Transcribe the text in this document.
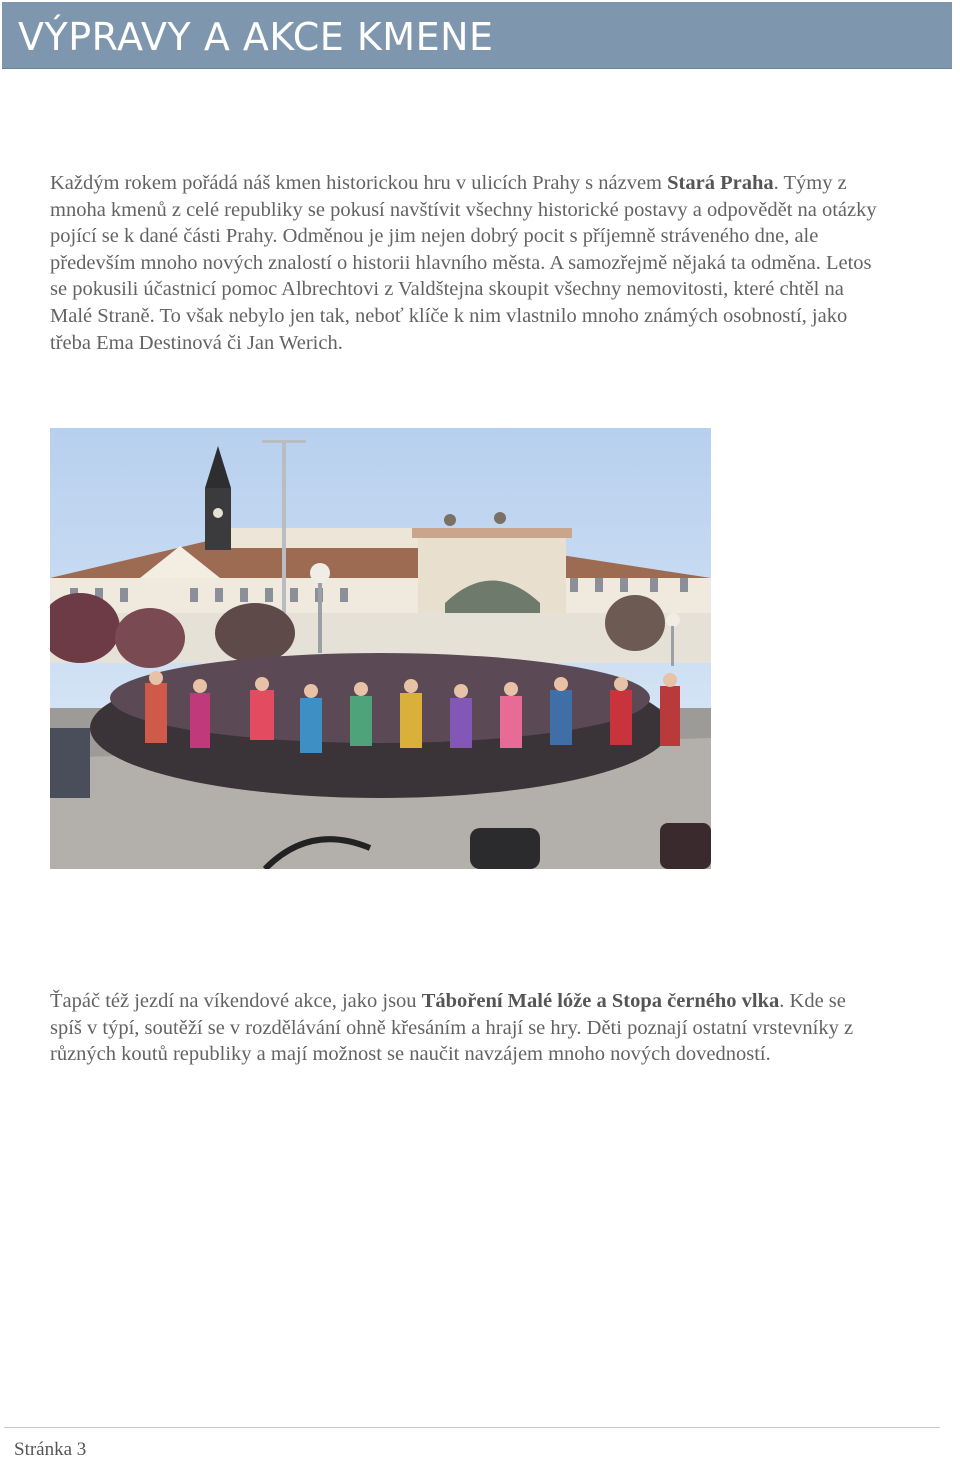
VÝPRAVY A AKCE KMENE

Každým rokem pořádá náš kmen historickou hru v ulicích Prahy s názvem Stará Praha. Týmy z mnoha kmenů z celé republiky se pokusí navštívit všechny historické postavy a odpovědět na otázky pojící se k dané části Prahy. Odměnou je jim nejen dobrý pocit s příjemně stráveného dne, ale především mnoho nových znalostí o historii hlavního města. A samozřejmě nějaká ta odměna. Letos se pokusili účastnicí pomoc Albrechtovi z Valdštejna skoupit všechny nemovitosti, které chtěl na Malé Straně. To však nebylo jen tak, neboť klíče k nim vlastnilo mnoho známých osobností, jako třeba Ema Destinová či Jan Werich.

Ťapáč též jezdí na víkendové akce, jako jsou Táboření Malé lóže a Stopa černého vlka. Kde se spíš v týpí, soutěží se v rozdělávání ohně křesáním a hrají se hry. Děti poznají ostatní vrstevníky z různých koutů republiky a mají možnost se naučit navzájem mnoho nových dovedností.

Stránka 3
